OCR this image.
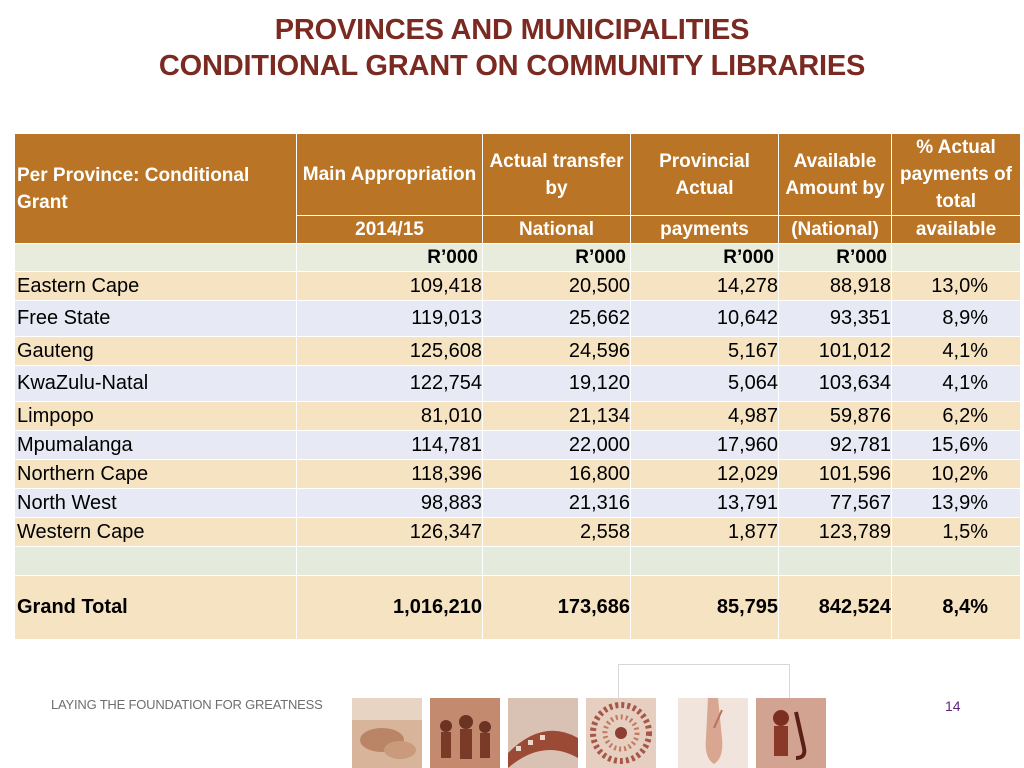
PROVINCES AND MUNICIPALITIES
CONDITIONAL GRANT ON COMMUNITY LIBRARIES
Per Province: Conditional Grant	Main Appropriation	Actual transfer by	Provincial Actual	Available Amount by	% Actual payments of total
	2014/15	National	payments	(National)	available
	R’000	R’000	R’000	R’000	
Eastern Cape	109,418	20,500	14,278	88,918	13,0%
Free State	119,013	25,662	10,642	93,351	8,9%
Gauteng	125,608	24,596	5,167	101,012	4,1%
KwaZulu-Natal	122,754	19,120	5,064	103,634	4,1%
Limpopo	81,010	21,134	4,987	59,876	6,2%
Mpumalanga	114,781	22,000	17,960	92,781	15,6%
Northern Cape	118,396	16,800	12,029	101,596	10,2%
North West	98,883	21,316	13,791	77,567	13,9%
Western Cape	126,347	2,558	1,877	123,789	1,5%

Grand Total	1,016,210	173,686	85,795	842,524	8,4%
LAYING THE FOUNDATION FOR GREATNESS	14
